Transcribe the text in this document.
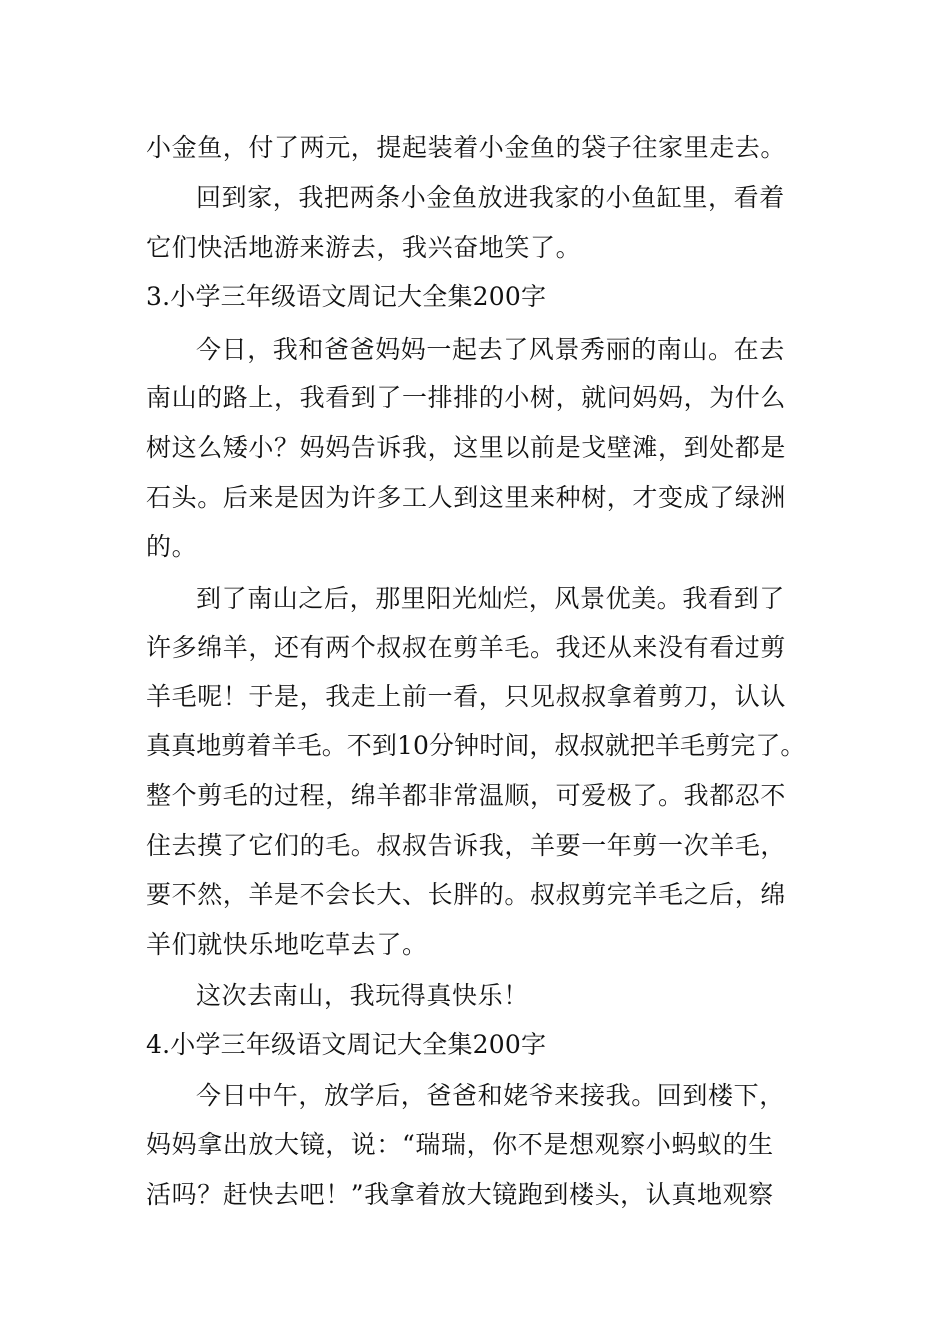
小金鱼，付了两元，提起装着小金鱼的袋子往家里走去。

回到家，我把两条小金鱼放进我家的小鱼缸里，看着

它们快活地游来游去，我兴奋地笑了。

3.小学三年级语文周记大全集200字

今日，我和爸爸妈妈一起去了风景秀丽的南山。在去

南山的路上，我看到了一排排的小树，就问妈妈，为什么

树这么矮小？妈妈告诉我，这里以前是戈壁滩，到处都是

石头。后来是因为许多工人到这里来种树，才变成了绿洲

的。

到了南山之后，那里阳光灿烂，风景优美。我看到了

许多绵羊，还有两个叔叔在剪羊毛。我还从来没有看过剪

羊毛呢！于是，我走上前一看，只见叔叔拿着剪刀，认认

真真地剪着羊毛。不到10分钟时间，叔叔就把羊毛剪完了。

整个剪毛的过程，绵羊都非常温顺，可爱极了。我都忍不

住去摸了它们的毛。叔叔告诉我，羊要一年剪一次羊毛，

要不然，羊是不会长大、长胖的。叔叔剪完羊毛之后，绵

羊们就快乐地吃草去了。

这次去南山，我玩得真快乐！

4.小学三年级语文周记大全集200字

今日中午，放学后，爸爸和姥爷来接我。回到楼下，

妈妈拿出放大镜，说：“瑞瑞，你不是想观察小蚂蚁的生

活吗？赶快去吧！”我拿着放大镜跑到楼头，认真地观察
